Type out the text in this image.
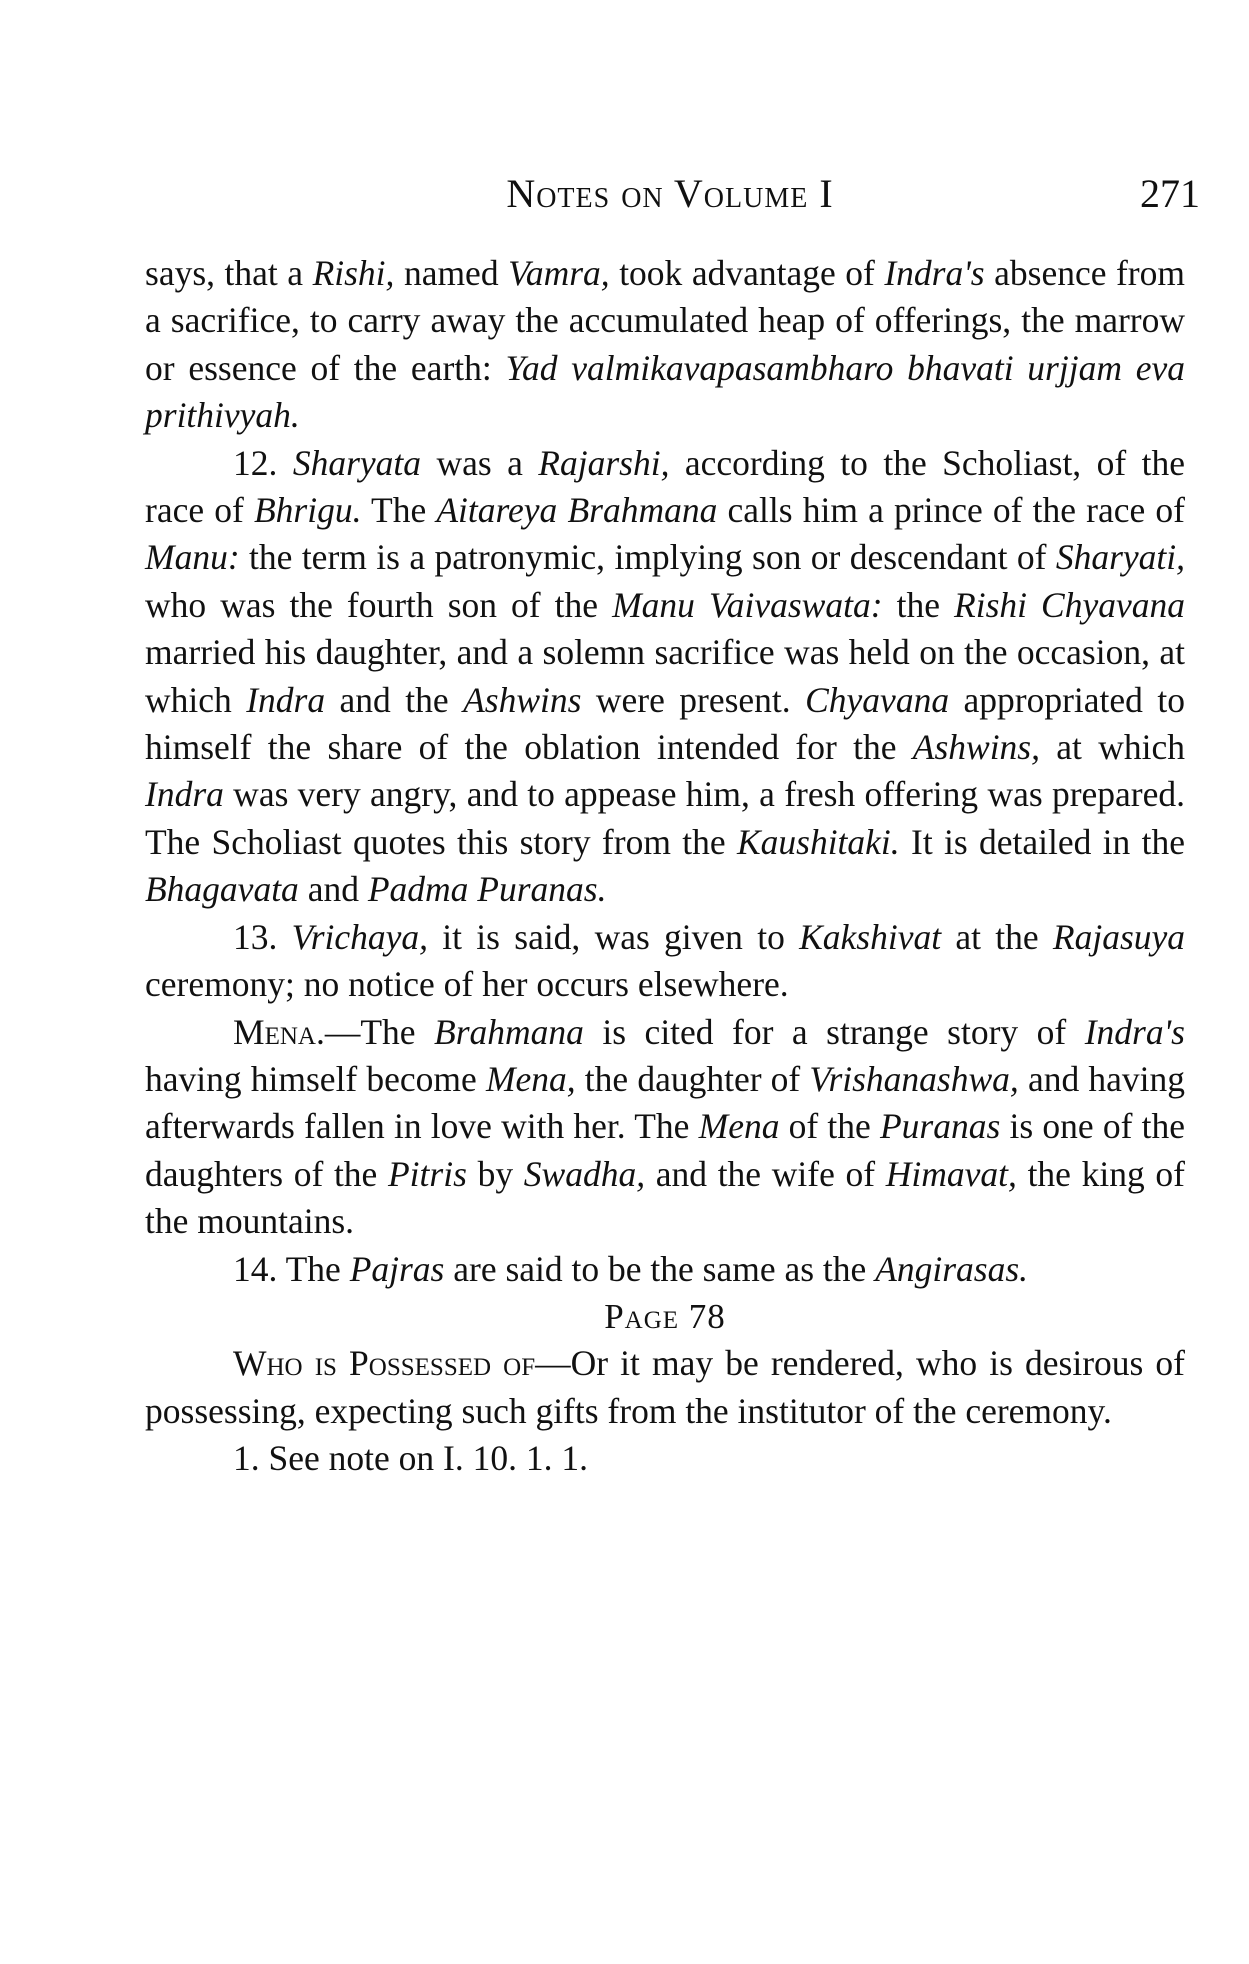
Notes on Volume I	271

says, that a Rishi, named Vamra, took advantage of Indra's absence from a sacrifice, to carry away the accumulated heap of offerings, the marrow or essence of the earth: Yad valmikavapasambharo bhavati urjjam eva prithivyah.

12. Sharyata was a Rajarshi, according to the Scholiast, of the race of Bhrigu. The Aitareya Brahmana calls him a prince of the race of Manu: the term is a patronymic, implying son or descendant of Sharyati, who was the fourth son of the Manu Vaivaswata: the Rishi Chyavana married his daughter, and a solemn sacrifice was held on the occasion, at which Indra and the Ashwins were present. Chyavana appropriated to himself the share of the oblation intended for the Ashwins, at which Indra was very angry, and to appease him, a fresh offering was prepared. The Scholiast quotes this story from the Kaushitaki. It is detailed in the Bhagavata and Padma Puranas.

13. Vrichaya, it is said, was given to Kakshivat at the Rajasuya ceremony; no notice of her occurs elsewhere.

Mena.—The Brahmana is cited for a strange story of Indra's having himself become Mena, the daughter of Vrishanashwa, and having afterwards fallen in love with her. The Mena of the Puranas is one of the daughters of the Pitris by Swadha, and the wife of Himavat, the king of the mountains.

14. The Pajras are said to be the same as the Angirasas.

Page 78

Who is Possessed of—Or it may be rendered, who is desirous of possessing, expecting such gifts from the institutor of the ceremony.

1. See note on I. 10. 1. 1.
